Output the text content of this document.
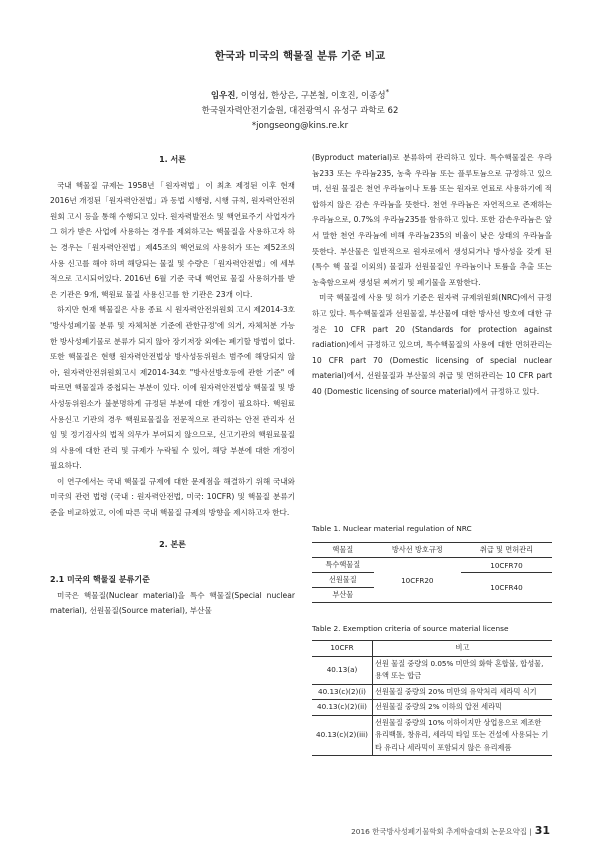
한국과 미국의 핵물질 분류 기준 비교
임우진, 이영섭, 한상은, 구본철, 이호진, 이종성*
한국원자력안전기술원, 대전광역시 유성구 과학로 62
*jongseong@kins.re.kr
1. 서론

국내 핵물질 규제는 1958년「원자력법」이 최초 제정된 이후 현재 2016년 개정된「원자력안전법」과 동법 시행령, 시행 규칙, 원자력안전위원회 고시 등을 통해 수행되고 있다. 원자력발전소 및 핵연료주기 사업자가 그 허가 받은 사업에 사용하는 경우를 제외하고는 핵물질을 사용하고자 하는 경우는「원자력안전법」제45조의 핵연료의 사용허가 또는 제52조의 사용 신고를 해야 하며 해당되는 물질 및 수량은「원자력안전법」에 세부적으로 고시되어있다. 2016년 6월 기준 국내 핵연료 물질 사용허가를 받은 기관은 9개, 핵원료 물질 사용신고를 한 기관은 23개 이다.

하지만 현재 핵물질은 사용 종료 시 원자력안전위원회 고시 제2014-3호 '방사성폐기물 분류 및 자체처분 기준에 관한규정'에 의거, 자체처분 가능한 방사성폐기물로 분류가 되지 않아 장기저장 외에는 폐기할 방법이 없다. 또한 핵물질은 현행 원자력안전법상 방사성동위원소 범주에 해당되지 않아, 원자력안전위원회고시 제2014-34호 "방사선방호등에 관한 기준" 에 따르면 핵물질과 중첩되는 부분이 있다. 이에 원자력안전법상 핵물질 및 방사성동위원소가 불분명하게 규정된 부분에 대한 개정이 필요하다. 핵원료 사용신고 기관의 경우 핵원료물질을 전문적으로 관리하는 안전 관리자 선임 및 정기검사의 법적 의무가 부여되지 않으므로, 신고기관의 핵원료물질의 사용에 대한 관리 및 규제가 누락될 수 있어, 해당 부분에 대한 개정이 필요하다.

이 연구에서는 국내 핵물질 규제에 대한 문제점을 해결하기 위해 국내와 미국의 관련 법령 (국내 : 원자력안전법, 미국: 10CFR) 및 핵물질 분류기준을 비교하였고, 이에 따른 국내 핵물질 규제의 방향을 제시하고자 한다.

2. 본론

2.1 미국의 핵물질 분류기준

미국은 핵물질(Nuclear material)을 특수 핵물질(Special nuclear material), 선원물질(Source material), 부산물

(Byproduct material)로 분류하여 관리하고 있다. 특수핵물질은 우라늄233 또는 우라늄235, 농축 우라늄 또는 플루토늄으로 규정하고 있으며, 선원 물질은 천연 우라늄이나 토륨 또는 원자로 연료로 사용하기에 적합하지 않은 감손 우라늄을 뜻한다. 천연 우라늄은 자연적으로 존재하는 우라늄으로, 0.7%의 우라늄235를 함유하고 있다. 또한 감손우라늄은 앞서 말한 천연 우라늄에 비해 우라늄235의 비율이 낮은 상태의 우라늄을 뜻한다. 부산물은 일반적으로 원자로에서 생성되거나 방사성을 갖게 된 (특수 핵 물질 이외의) 물질과 선원물질인 우라늄이나 토륨을 추출 또는 농축함으로써 생성된 찌꺼기 및 폐기물을 포함한다.

미국 핵물질에 사용 및 허가 기준은 원자력 규제위원회(NRC)에서 규정하고 있다. 특수핵물질과 선원물질, 부산물에 대한 방사선 방호에 대한 규정은 10 CFR part 20 (Standards for protection against radiation)에서 규정하고 있으며, 특수핵물질의 사용에 대한 면허관리는 10 CFR part 70 (Domestic licensing of special nuclear material)에서, 선원물질과 부산물의 취급 및 면허관리는 10 CFR part 40 (Domestic licensing of source material)에서 규정하고 있다.

Table 1. Nuclear material regulation of NRC
핵물질	방사선 방호규정	취급 및 면허관리
특수핵물질	10CFR20	10CFR70
선원물질		10CFR40
부산물		
Table 2. Exemption criteria of source material license
10CFR	비고
40.13(a)	선원 물질 중량의 0.05% 미만의 화학 혼합물, 합성물, 용액 또는 합금
40.13(c)(2)(i)	선원물질 중량의 20% 미만의 유약처리 세라믹 식기
40.13(c)(2)(ii)	선원물질 중량의 2% 이하의 압전 세라믹
40.13(c)(2)(iii)	선원물질 중량의 10% 이하이지만 상업용으로 제조한 유리백톨, 창유리, 세라믹 타일 또는 건설에 사용되는 기타 유리나 세라믹이 포함되지 않은 유리제품
2016 한국방사성폐기물학회 추계학술대회 논문요약집 | 31
